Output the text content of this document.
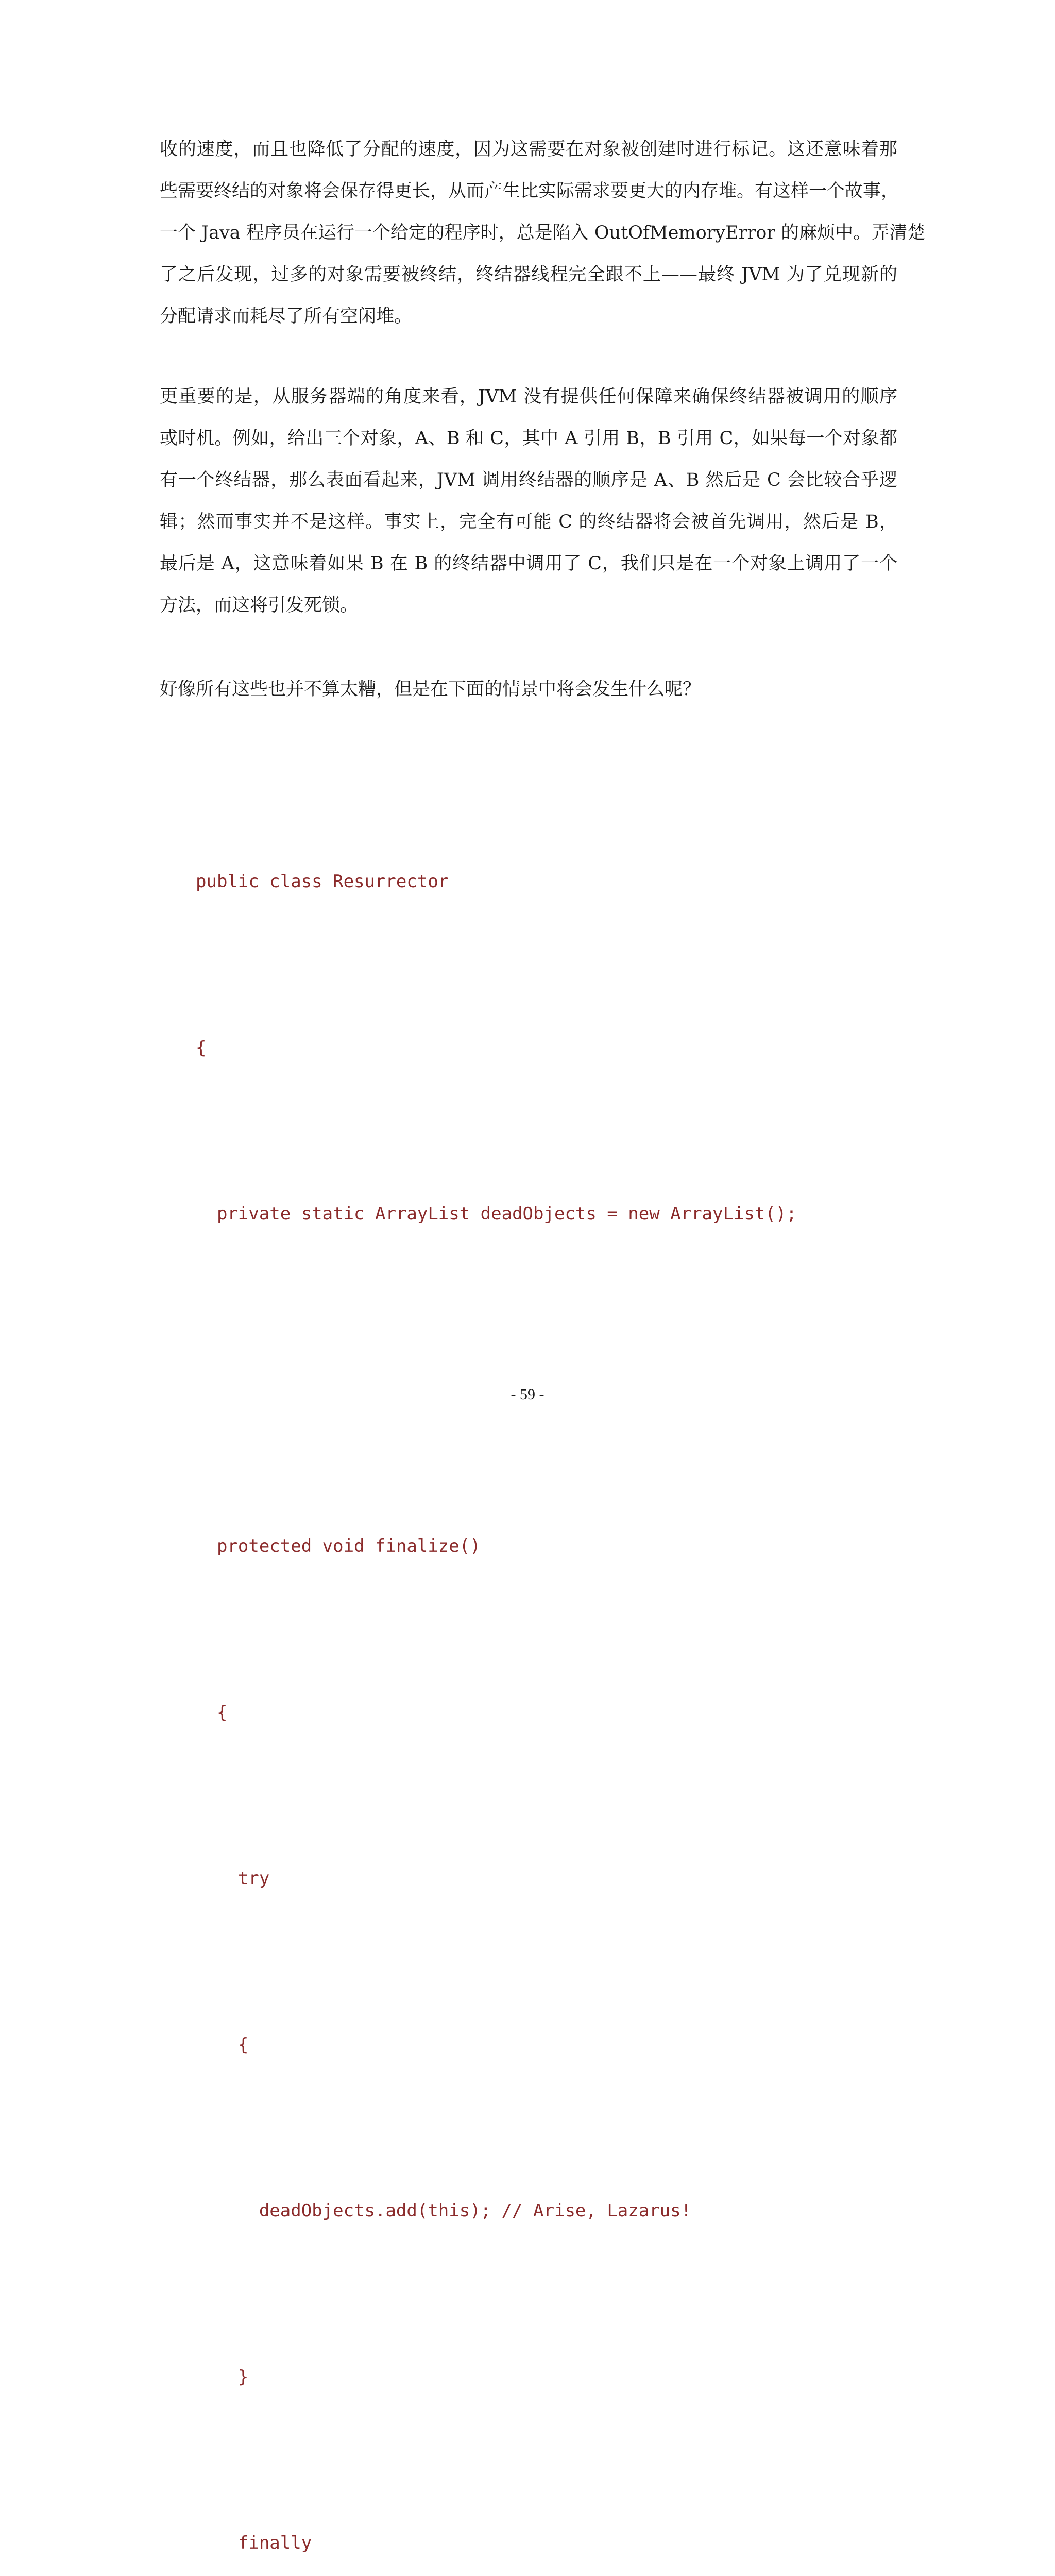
收的速度，而且也降低了分配的速度，因为这需要在对象被创建时进行标记。这还意味着那
些需要终结的对象将会保存得更长，从而产生比实际需求要更大的内存堆。有这样一个故事，
一个 Java 程序员在运行一个给定的程序时，总是陷入 OutOfMemoryError 的麻烦中。弄清楚
了之后发现，过多的对象需要被终结，终结器线程完全跟不上——最终 JVM 为了兑现新的
分配请求而耗尽了所有空闲堆。
更重要的是，从服务器端的角度来看，JVM 没有提供任何保障来确保终结器被调用的顺序
或时机。例如，给出三个对象，A、B 和 C，其中 A 引用 B，B 引用 C，如果每一个对象都
有一个终结器，那么表面看起来，JVM 调用终结器的顺序是 A、B 然后是 C 会比较合乎逻
辑；然而事实并不是这样。事实上，完全有可能 C 的终结器将会被首先调用，然后是 B，
最后是 A，这意味着如果 B 在 B 的终结器中调用了 C，我们只是在一个对象上调用了一个
方法，而这将引发死锁。
好像所有这些也并不算太糟，但是在下面的情景中将会发生什么呢？

public class Resurrector

{

private static ArrayList deadObjects = new ArrayList();

protected void finalize()

{

try

{

deadObjects.add(this); // Arise, Lazarus!

}

finally

- 59 -
